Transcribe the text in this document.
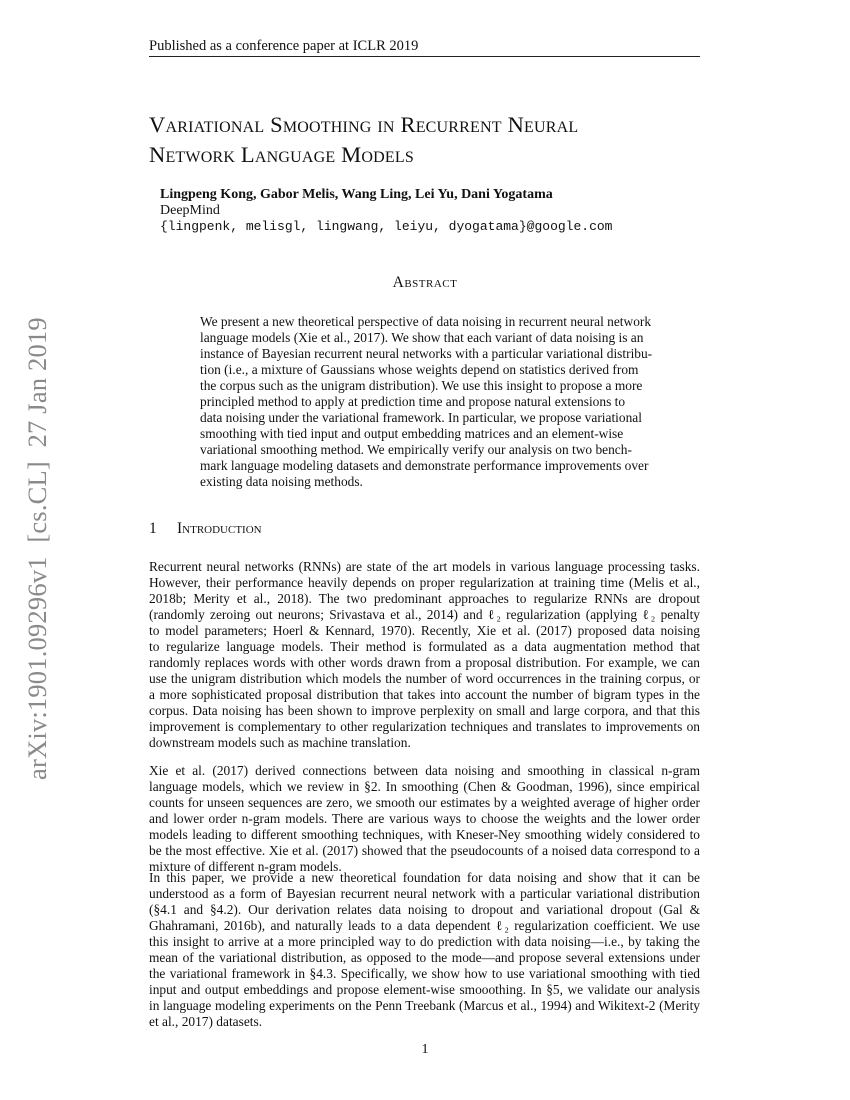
Published as a conference paper at ICLR 2019
Variational Smoothing in Recurrent Neural
Network Language Models
Lingpeng Kong, Gabor Melis, Wang Ling, Lei Yu, Dani Yogatama
DeepMind
{lingpenk, melisgl, lingwang, leiyu, dyogatama}@google.com
Abstract
We present a new theoretical perspective of data noising in recurrent neural network
language models (Xie et al., 2017). We show that each variant of data noising is an
instance of Bayesian recurrent neural networks with a particular variational distribu-
tion (i.e., a mixture of Gaussians whose weights depend on statistics derived from
the corpus such as the unigram distribution). We use this insight to propose a more
principled method to apply at prediction time and propose natural extensions to
data noising under the variational framework. In particular, we propose variational
smoothing with tied input and output embedding matrices and an element-wise
variational smoothing method. We empirically verify our analysis on two bench-
mark language modeling datasets and demonstrate performance improvements over
existing data noising methods.
1 Introduction
Recurrent neural networks (RNNs) are state of the art models in various language processing tasks.
However, their performance heavily depends on proper regularization at training time (Melis et al.,
2018b; Merity et al., 2018). The two predominant approaches to regularize RNNs are dropout
(randomly zeroing out neurons; Srivastava et al., 2014) and ℓ₂ regularization (applying ℓ₂ penalty
to model parameters; Hoerl & Kennard, 1970). Recently, Xie et al. (2017) proposed data noising
to regularize language models. Their method is formulated as a data augmentation method that
randomly replaces words with other words drawn from a proposal distribution. For example, we can
use the unigram distribution which models the number of word occurrences in the training corpus, or
a more sophisticated proposal distribution that takes into account the number of bigram types in the
corpus. Data noising has been shown to improve perplexity on small and large corpora, and that this
improvement is complementary to other regularization techniques and translates to improvements on
downstream models such as machine translation.
Xie et al. (2017) derived connections between data noising and smoothing in classical n-gram
language models, which we review in §2. In smoothing (Chen & Goodman, 1996), since empirical
counts for unseen sequences are zero, we smooth our estimates by a weighted average of higher order
and lower order n-gram models. There are various ways to choose the weights and the lower order
models leading to different smoothing techniques, with Kneser-Ney smoothing widely considered to
be the most effective. Xie et al. (2017) showed that the pseudocounts of a noised data correspond to a
mixture of different n-gram models.
In this paper, we provide a new theoretical foundation for data noising and show that it can be
understood as a form of Bayesian recurrent neural network with a particular variational distribution
(§4.1 and §4.2). Our derivation relates data noising to dropout and variational dropout (Gal &
Ghahramani, 2016b), and naturally leads to a data dependent ℓ₂ regularization coefficient. We use
this insight to arrive at a more principled way to do prediction with data noising—i.e., by taking the
mean of the variational distribution, as opposed to the mode—and propose several extensions under
the variational framework in §4.3. Specifically, we show how to use variational smoothing with tied
input and output embeddings and propose element-wise smooothing. In §5, we validate our analysis
in language modeling experiments on the Penn Treebank (Marcus et al., 1994) and Wikitext-2 (Merity
et al., 2017) datasets.
arXiv:1901.09296v1  [cs.CL]  27 Jan 2019
1
